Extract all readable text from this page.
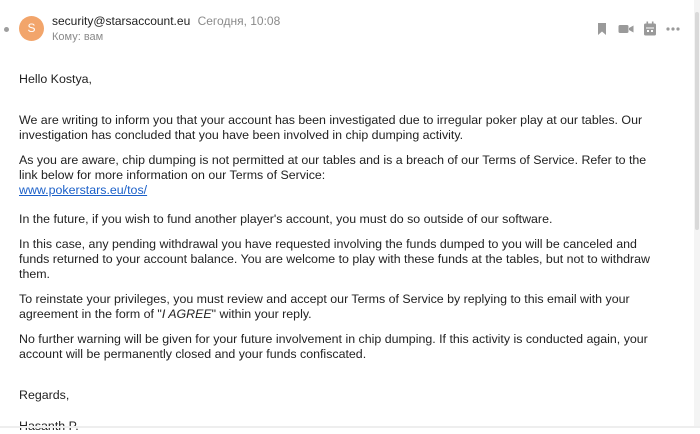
S	security@starsaccount.eu Сегодня, 10:08
Кому: вам

Hello Kostya,

We are writing to inform you that your account has been investigated due to irregular poker play at our tables. Our investigation has concluded that you have been involved in chip dumping activity.

As you are aware, chip dumping is not permitted at our tables and is a breach of our Terms of Service. Refer to the link below for more information on our Terms of Service:

www.pokerstars.eu/tos/

In the future, if you wish to fund another player's account, you must do so outside of our software.

In this case, any pending withdrawal you have requested involving the funds dumped to you will be canceled and funds returned to your account balance. You are welcome to play with these funds at the tables, but not to withdraw them.

To reinstate your privileges, you must review and accept our Terms of Service by replying to this email with your agreement in the form of "I AGREE" within your reply.

No further warning will be given for your future involvement in chip dumping. If this activity is conducted again, your account will be permanently closed and your funds confiscated.

Regards,
